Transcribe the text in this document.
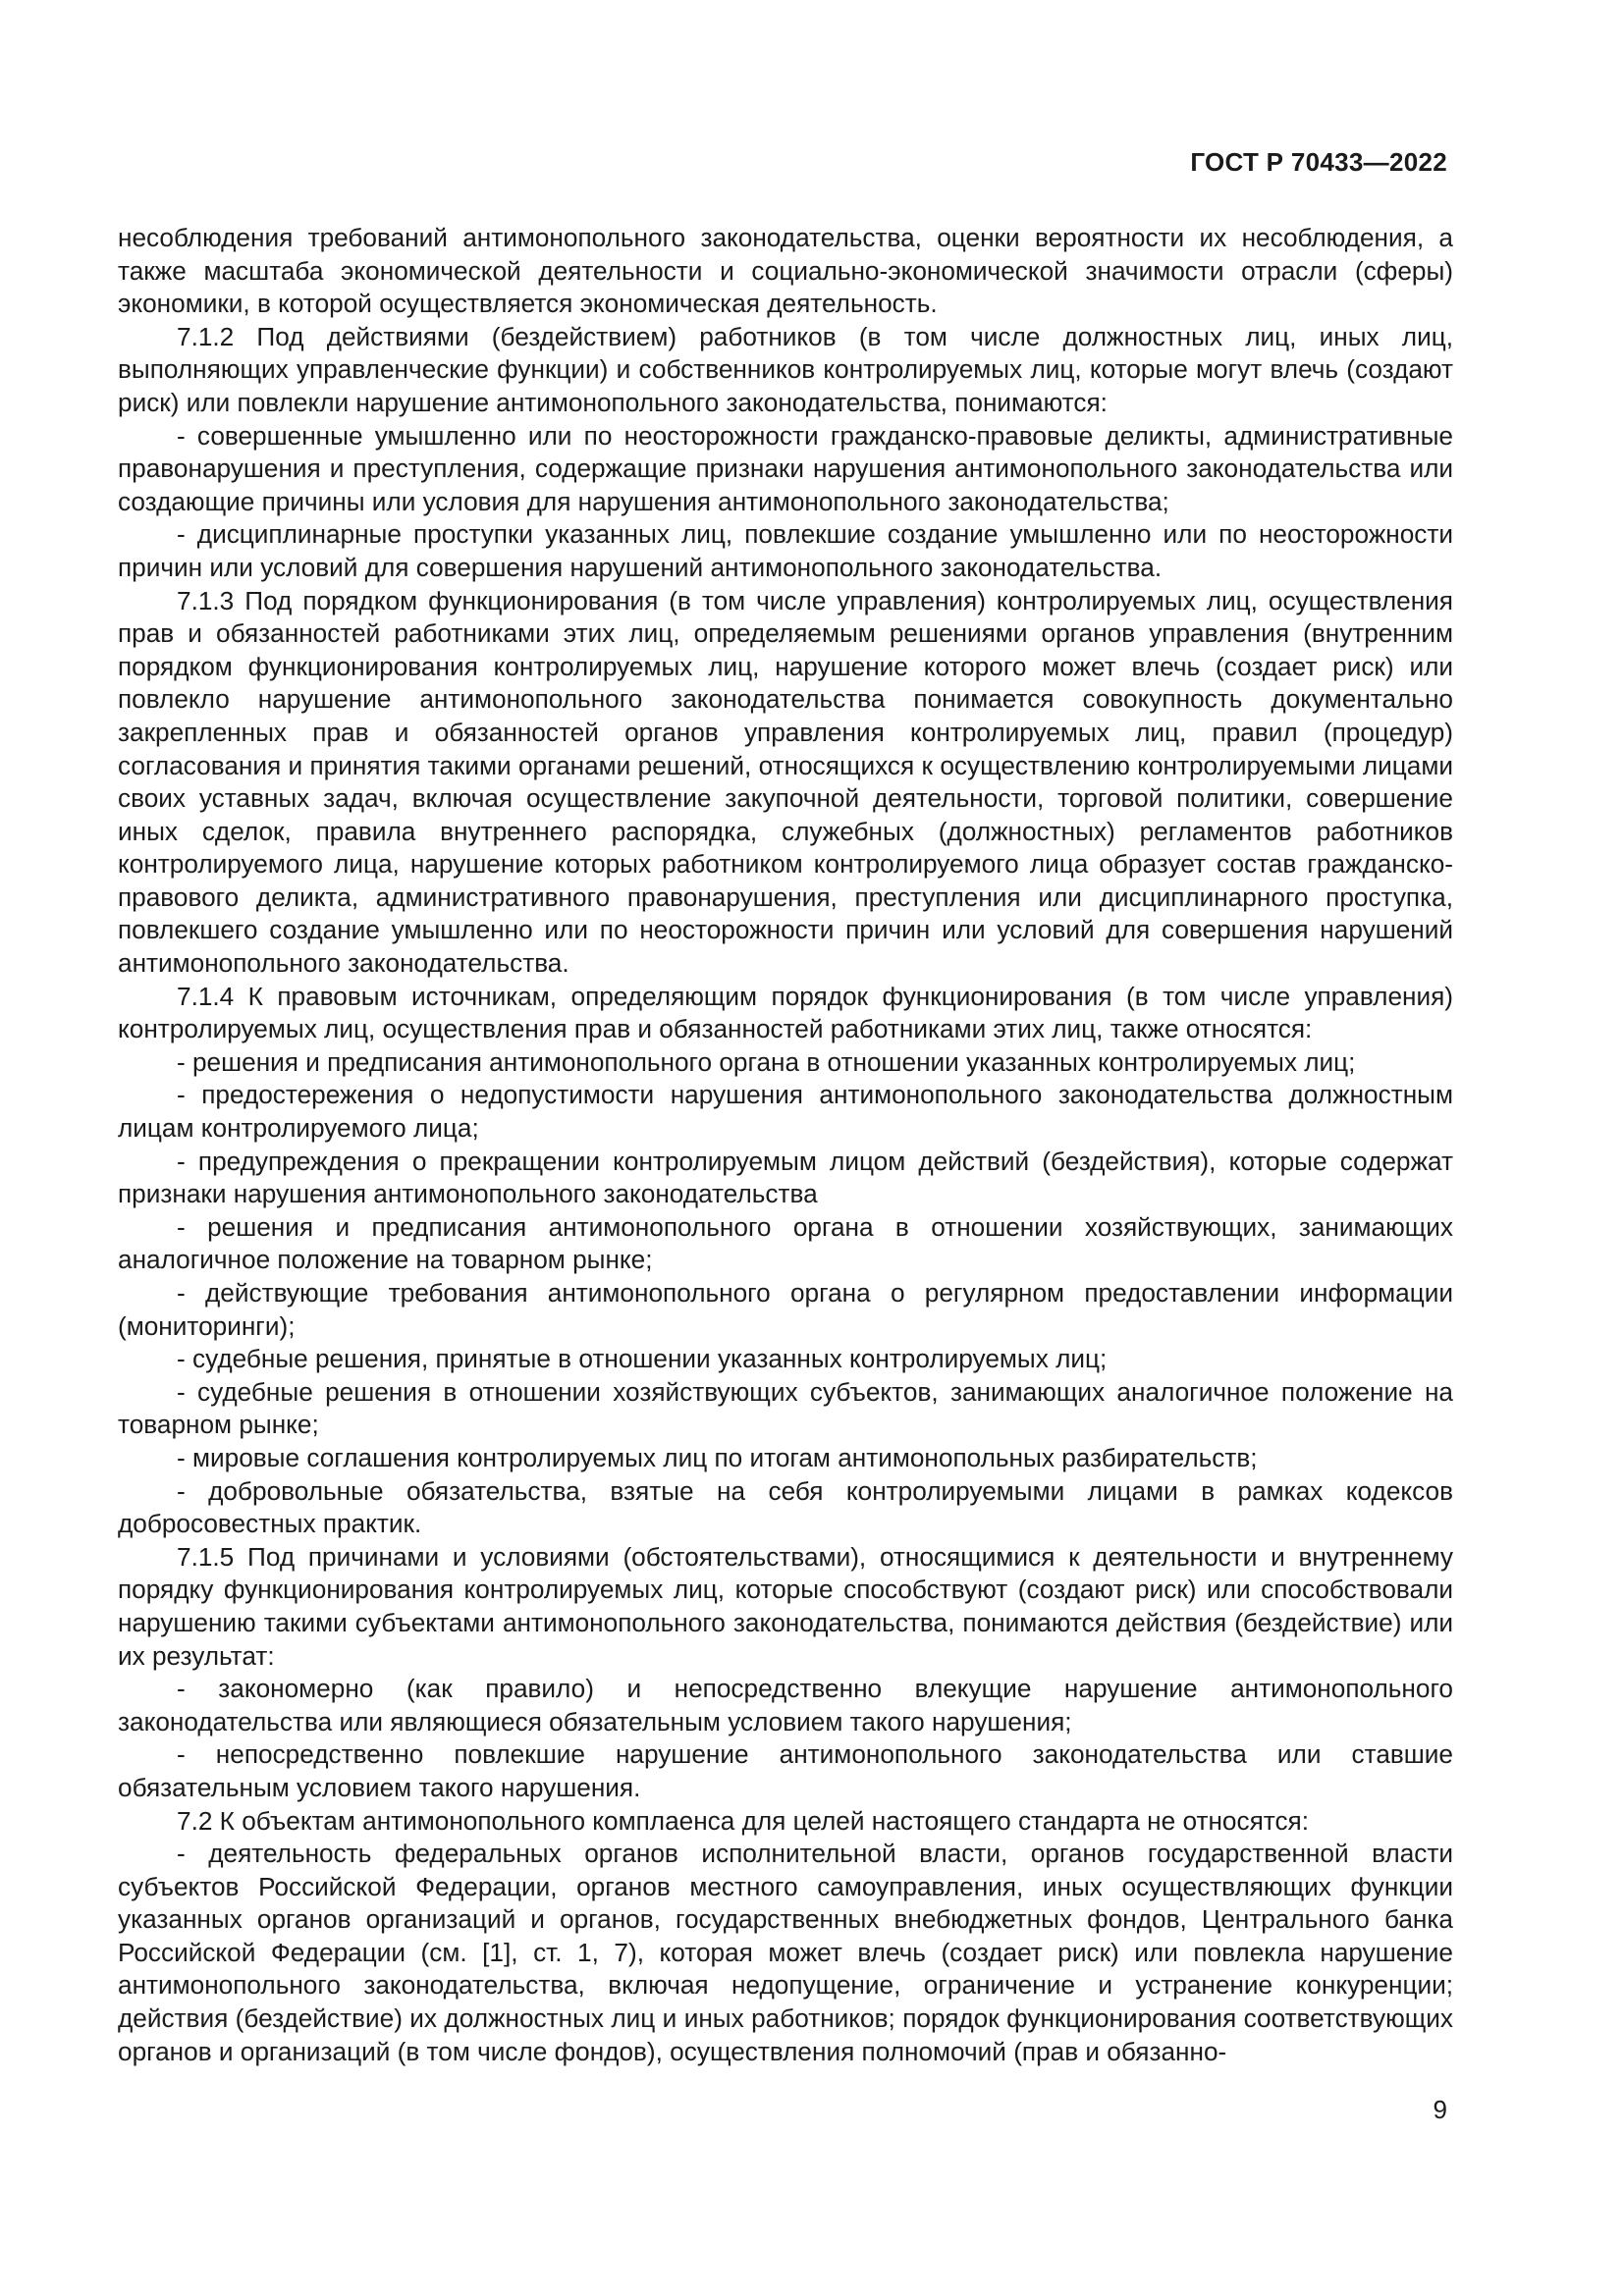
ГОСТ Р 70433—2022

несоблюдения требований антимонопольного законодательства, оценки вероятности их несоблюдения, а также масштаба экономической деятельности и социально-экономической значимости отрасли (сферы) экономики, в которой осуществляется экономическая деятельность.

7.1.2 Под действиями (бездействием) работников (в том числе должностных лиц, иных лиц, выполняющих управленческие функции) и собственников контролируемых лиц, которые могут влечь (создают риск) или повлекли нарушение антимонопольного законодательства, понимаются:

- совершенные умышленно или по неосторожности гражданско-правовые деликты, административные правонарушения и преступления, содержащие признаки нарушения антимонопольного законодательства или создающие причины или условия для нарушения антимонопольного законодательства;

- дисциплинарные проступки указанных лиц, повлекшие создание умышленно или по неосторожности причин или условий для совершения нарушений антимонопольного законодательства.

7.1.3 Под порядком функционирования (в том числе управления) контролируемых лиц, осуществления прав и обязанностей работниками этих лиц, определяемым решениями органов управления (внутренним порядком функционирования контролируемых лиц, нарушение которого может влечь (создает риск) или повлекло нарушение антимонопольного законодательства понимается совокупность документально закрепленных прав и обязанностей органов управления контролируемых лиц, правил (процедур) согласования и принятия такими органами решений, относящихся к осуществлению контролируемыми лицами своих уставных задач, включая осуществление закупочной деятельности, торговой политики, совершение иных сделок, правила внутреннего распорядка, служебных (должностных) регламентов работников контролируемого лица, нарушение которых работником контролируемого лица образует состав гражданско-правового деликта, административного правонарушения, преступления или дисциплинарного проступка, повлекшего создание умышленно или по неосторожности причин или условий для совершения нарушений антимонопольного законодательства.

7.1.4 К правовым источникам, определяющим порядок функционирования (в том числе управления) контролируемых лиц, осуществления прав и обязанностей работниками этих лиц, также относятся:

- решения и предписания антимонопольного органа в отношении указанных контролируемых лиц;

- предостережения о недопустимости нарушения антимонопольного законодательства должностным лицам контролируемого лица;

- предупреждения о прекращении контролируемым лицом действий (бездействия), которые содержат признаки нарушения антимонопольного законодательства

- решения и предписания антимонопольного органа в отношении хозяйствующих, занимающих аналогичное положение на товарном рынке;

- действующие требования антимонопольного органа о регулярном предоставлении информации (мониторинги);

- судебные решения, принятые в отношении указанных контролируемых лиц;

- судебные решения в отношении хозяйствующих субъектов, занимающих аналогичное положение на товарном рынке;

- мировые соглашения контролируемых лиц по итогам антимонопольных разбирательств;

- добровольные обязательства, взятые на себя контролируемыми лицами в рамках кодексов добросовестных практик.

7.1.5 Под причинами и условиями (обстоятельствами), относящимися к деятельности и внутреннему порядку функционирования контролируемых лиц, которые способствуют (создают риск) или способствовали нарушению такими субъектами антимонопольного законодательства, понимаются действия (бездействие) или их результат:

- закономерно (как правило) и непосредственно влекущие нарушение антимонопольного законодательства или являющиеся обязательным условием такого нарушения;

- непосредственно повлекшие нарушение антимонопольного законодательства или ставшие обязательным условием такого нарушения.

7.2 К объектам антимонопольного комплаенса для целей настоящего стандарта не относятся:

- деятельность федеральных органов исполнительной власти, органов государственной власти субъектов Российской Федерации, органов местного самоуправления, иных осуществляющих функции указанных органов организаций и органов, государственных внебюджетных фондов, Центрального банка Российской Федерации (см. [1], ст. 1, 7), которая может влечь (создает риск) или повлекла нарушение антимонопольного законодательства, включая недопущение, ограничение и устранение конкуренции; действия (бездействие) их должностных лиц и иных работников; порядок функционирования соответствующих органов и организаций (в том числе фондов), осуществления полномочий (прав и обязанно-

9
